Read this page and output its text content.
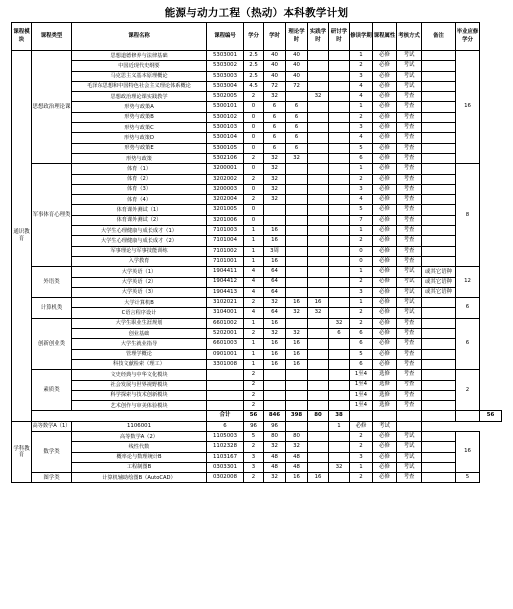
能源与动力工程（热动）本科教学计划
课程模块	课程类型	课程名称	课程编号	学分	学时	理论学时	实践学时	研讨学时	修读学期	课程属性	考核方式	备注	毕业应修学分	
通识教育	思想政治理论课	思想道德修养与法律基础	5303001	2.5	40	40			1	必修	考试		16	
		中国近现代史纲要	5303002	2.5	40	40			2	必修	考试			
		马克思主义基本原理概论	5303003	2.5	40	40			3	必修	考试			
		毛泽东思想和中国特色社会主义理论体系概论	5303004	4.5	72	72			4	必修	考试			
		思想政治理论课实践教学	5302005	2	32		32		4	必修	考查			
		形势与政策A	5300101	0	6	6			1	必修	考查			
		形势与政策B	5300102	0	6	6			2	必修	考查			
		形势与政策C	5300103	0	6	6			3	必修	考查			
		形势与政策D	5300104	0	6	6			4	必修	考查			
		形势与政策E	5300105	0	6	6			5	必修	考查			
		形势与政策	5302106	2	32	32			6	必修	考查			
	军事体育心理类	体育（1）	3200001	0	32				1	必修	考查		8	
		体育（2）	3202002	2	32				2	必修	考查			
		体育（3）	3200003	0	32				3	必修	考查			
		体育（4）	3202004	2	32				4	必修	考查			
		体育课外测试（1）	3201005	0					5	必修	考查			
		体育课外测试（2）	3201006	0					7	必修	考查			
		大学生心理健康与成长成才（1）	7101003	1	16				1	必修	考查			
		大学生心理健康与成长成才（2）	7101004	1	16				2	必修	考查			
		军事理论与军事技能训练	7101002	1	3周				0	必修	考查			
		入学教育	7101001	1	16				0	必修	考查			
	外语类	大学英语（1）	1904411	4	64				1	必修	考试	或其它语种	12	
		大学英语（2）	1904412	4	64				2	必修	考试	或其它语种		
		大学英语（3）	1904413	4	64				3	必修	考试	或其它语种		
	计算机类	大学计算机B	3102021	2	32	16	16		1	必修	考试		6	
		C语言程序设计	3104001	4	64	32	32		2	必修	考试			
	创新创业类	大学生职业生涯规划	6601002	1	16			32	2	必修	考查		6	
		创业基础	5202001	2	32	32		6	6	必修	考查			
		大学生就业指导	6601003	1	16	16			6	必修	考查			
		管理学概论	0901001	1	16	16			5	必修	考查			
		科技文献检索（理工）	3301008	1	16	16			6	必修	考查			
	素质类	文史经典与中华文化模块		2					1至4	选修	考查		2	
		社会发展与世界视野模块		2					1至4	选修	考查			
		科学探索与技术创新模块		2					1至4	选修	考查			
		艺术创作与审美体验模块		2					1至4	选修	考查			
			合计	56	846	398	80	38						56
学科教育	高等数学A（1）	1106001	6	96	96			1	必修	考试				
	数学类	高等数学A（2）	1105003	5	80	80			2	必修	考试		16	
		线性代数	1102328	2	32	32			2	必修	考试			
		概率论与数理统计B	1103167	3	48	48			3	必修	考试			
		工程制图B	0303301	3	48	48		32	1	必修	考试			
	图学类	计算机辅助绘图B（AutoCAD）	0302008	2	32	16	16		2	必修	考查		5	
